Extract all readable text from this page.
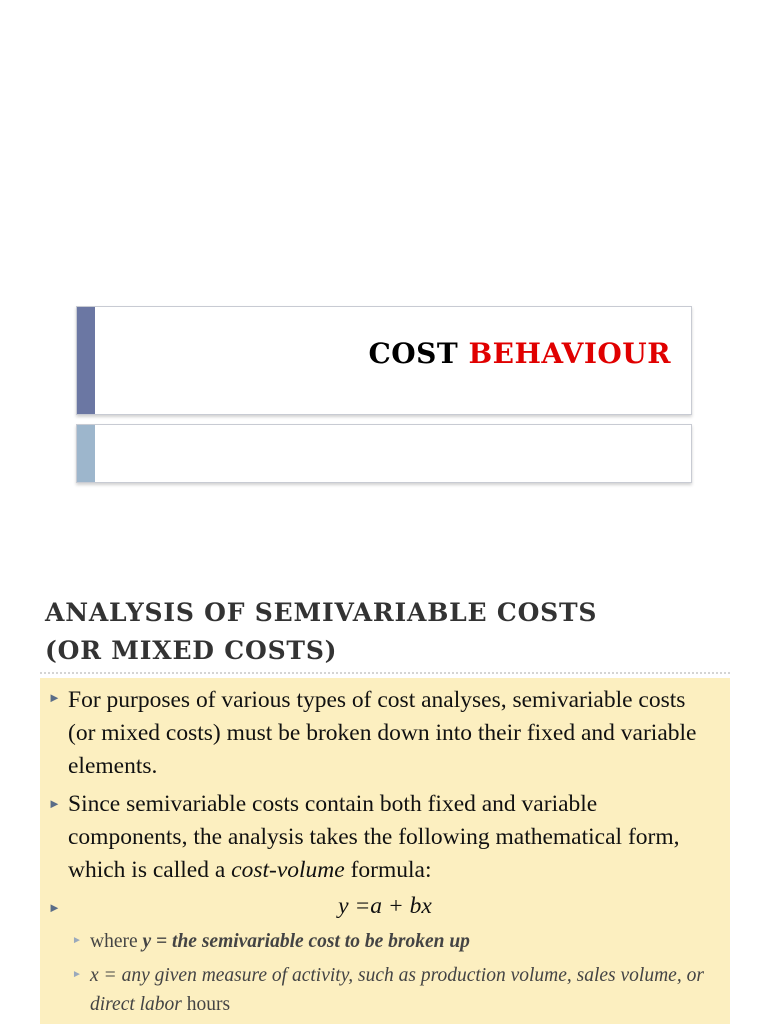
COST BEHAVIOUR
ANALYSIS OF SEMIVARIABLE COSTS
(OR MIXED COSTS)
► For purposes of various types of cost analyses, semivariable costs (or mixed costs) must be broken down into their fixed and variable elements.
► Since semivariable costs contain both fixed and variable components, the analysis takes the following mathematical form, which is called a cost-volume formula:
►	y =a + bx
► where y = the semivariable cost to be broken up
► x = any given measure of activity, such as production volume, sales volume, or direct labor hours
